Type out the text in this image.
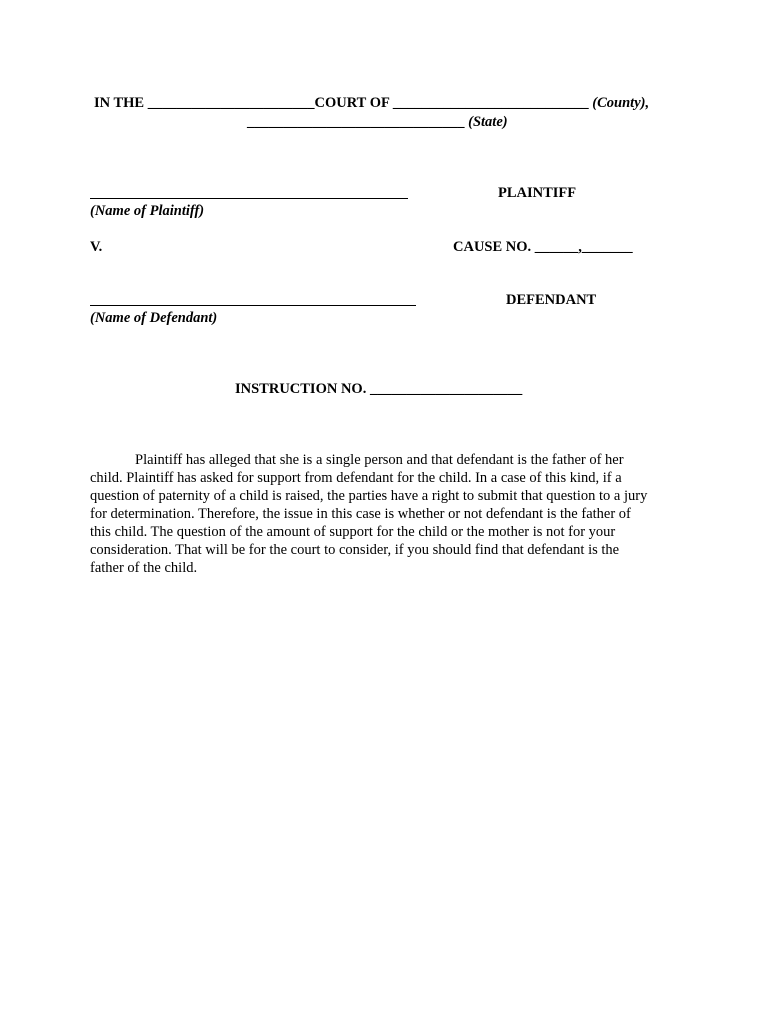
IN THE _______________________COURT OF ___________________________ (County),
______________________________ (State)
PLAINTIFF
(Name of Plaintiff)
V.	CAUSE NO. ______,_______
DEFENDANT
(Name of Defendant)
INSTRUCTION NO. _____________________

Plaintiff has alleged that she is a single person and that defendant is the father of her

child. Plaintiff has asked for support from defendant for the child. In a case of this kind, if a

question of paternity of a child is raised, the parties have a right to submit that question to a jury

for determination. Therefore, the issue in this case is whether or not defendant is the father of

this child. The question of the amount of support for the child or the mother is not for your

consideration. That will be for the court to consider, if you should find that defendant is the

father of the child.
